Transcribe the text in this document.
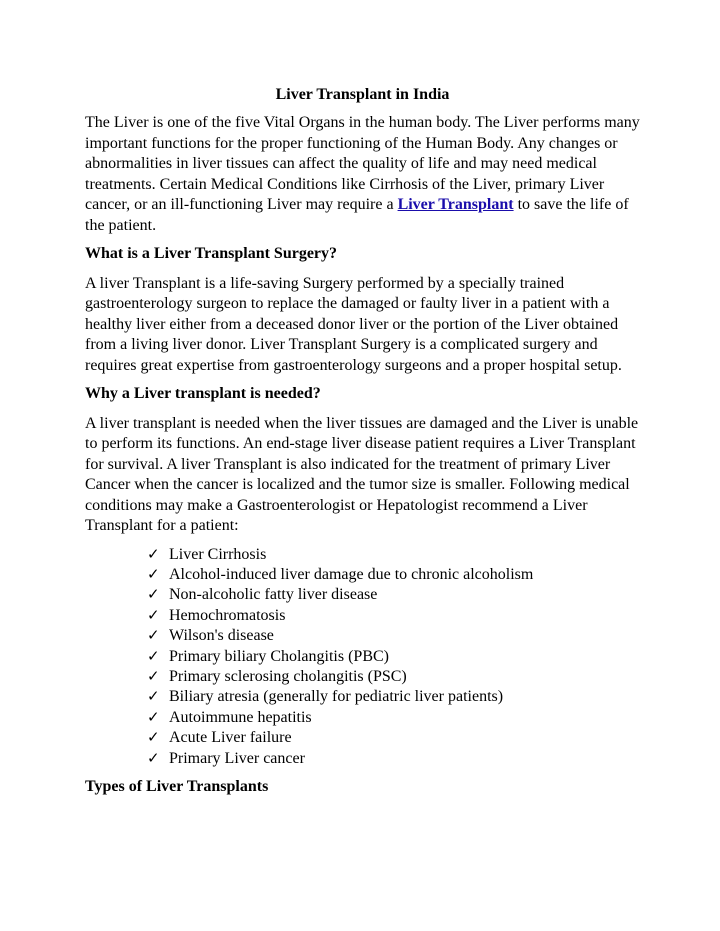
Liver Transplant in India

The Liver is one of the five Vital Organs in the human body. The Liver performs many important functions for the proper functioning of the Human Body. Any changes or abnormalities in liver tissues can affect the quality of life and may need medical treatments. Certain Medical Conditions like Cirrhosis of the Liver, primary Liver cancer, or an ill-functioning Liver may require a Liver Transplant to save the life of the patient.

What is a Liver Transplant Surgery?

A liver Transplant is a life-saving Surgery performed by a specially trained gastroenterology surgeon to replace the damaged or faulty liver in a patient with a healthy liver either from a deceased donor liver or the portion of the Liver obtained from a living liver donor. Liver Transplant Surgery is a complicated surgery and requires great expertise from gastroenterology surgeons and a proper hospital setup.

Why a Liver transplant is needed?

A liver transplant is needed when the liver tissues are damaged and the Liver is unable to perform its functions. An end-stage liver disease patient requires a Liver Transplant for survival. A liver Transplant is also indicated for the treatment of primary Liver Cancer when the cancer is localized and the tumor size is smaller. Following medical conditions may make a Gastroenterologist or Hepatologist recommend a Liver Transplant for a patient:

✓ Liver Cirrhosis
✓ Alcohol-induced liver damage due to chronic alcoholism
✓ Non-alcoholic fatty liver disease
✓ Hemochromatosis
✓ Wilson's disease
✓ Primary biliary Cholangitis (PBC)
✓ Primary sclerosing cholangitis (PSC)
✓ Biliary atresia (generally for pediatric liver patients)
✓ Autoimmune hepatitis
✓ Acute Liver failure
✓ Primary Liver cancer
Types of Liver Transplants
